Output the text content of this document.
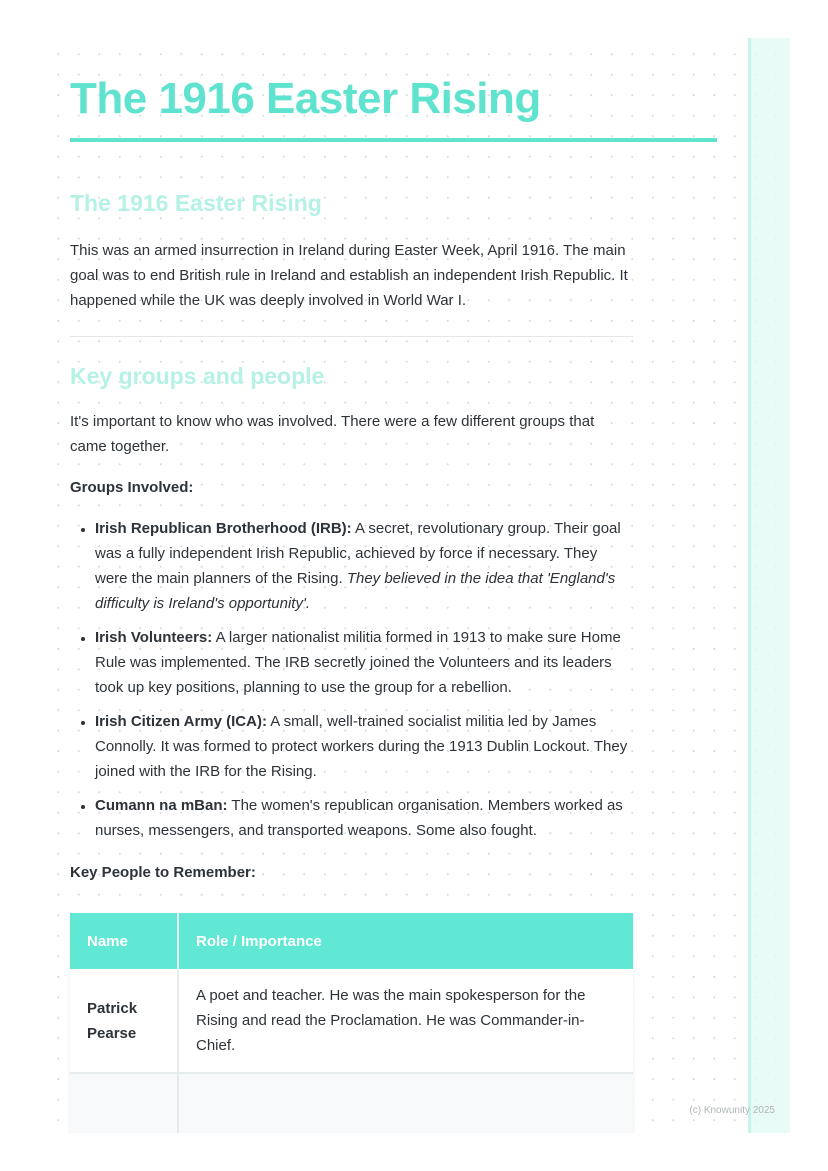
The 1916 Easter Rising
The 1916 Easter Rising

This was an armed insurrection in Ireland during Easter Week, April 1916. The main goal was to end British rule in Ireland and establish an independent Irish Republic. It happened while the UK was deeply involved in World War I.

Key groups and people

It's important to know who was involved. There were a few different groups that came together.

Groups Involved:

• Irish Republican Brotherhood (IRB): A secret, revolutionary group. Their goal was a fully independent Irish Republic, achieved by force if necessary. They were the main planners of the Rising. They believed in the idea that 'England's difficulty is Ireland's opportunity'.
• Irish Volunteers: A larger nationalist militia formed in 1913 to make sure Home Rule was implemented. The IRB secretly joined the Volunteers and its leaders took up key positions, planning to use the group for a rebellion.
• Irish Citizen Army (ICA): A small, well-trained socialist militia led by James Connolly. It was formed to protect workers during the 1913 Dublin Lockout. They joined with the IRB for the Rising.
• Cumann na mBan: The women's republican organisation. Members worked as nurses, messengers, and transported weapons. Some also fought.

Key People to Remember:

Name	Role / Importance
Patrick Pearse	A poet and teacher. He was the main spokesperson for the Rising and read the Proclamation. He was Commander-in-Chief.

(c) Knowunity 2025
